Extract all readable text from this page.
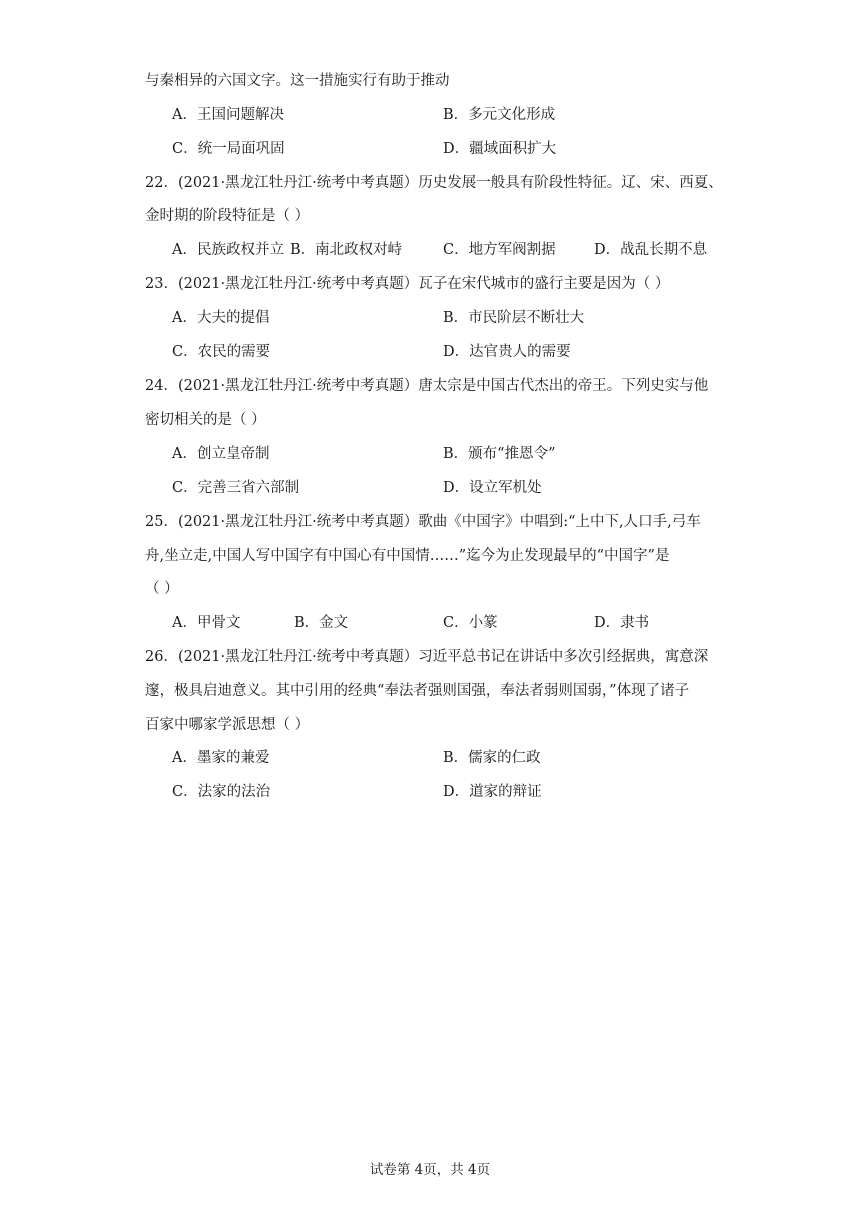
与秦相异的六国文字。这一措施实行有助于推动
A．王国问题解决	B．多元文化形成
C．统一局面巩固	D．疆域面积扩大
22．(2021·黑龙江牡丹江·统考中考真题）历史发展一般具有阶段性特征。辽、宋、西夏、
金时期的阶段特征是（ ）
A．民族政权并立 B．南北政权对峙	C．地方军阀割据	D．战乱长期不息
23．(2021·黑龙江牡丹江·统考中考真题）瓦子在宋代城市的盛行主要是因为（ ）
A．大夫的提倡	B．市民阶层不断壮大
C．农民的需要	D．达官贵人的需要
24．(2021·黑龙江牡丹江·统考中考真题）唐太宗是中国古代杰出的帝王。下列史实与他
密切相关的是（ ）
A．创立皇帝制	B．颁布“推恩令”
C．完善三省六部制	D．设立军机处
25．(2021·黑龙江牡丹江·统考中考真题）歌曲《中国字》中唱到:“上中下,人口手,弓车
舟,坐立走,中国人写中国字有中国心有中国情……”迄今为止发现最早的“中国字”是
（ ）
A．甲骨文	B．金文	C．小篆	D．隶书
26．(2021·黑龙江牡丹江·统考中考真题）习近平总书记在讲话中多次引经据典，寓意深
邃，极具启迪意义。其中引用的经典“奉法者强则国强，奉法者弱则国弱，”体现了诸子
百家中哪家学派思想（ ）
A．墨家的兼爱	B．儒家的仁政
C．法家的法治	D．道家的辩证
试卷第 4页，共 4页
